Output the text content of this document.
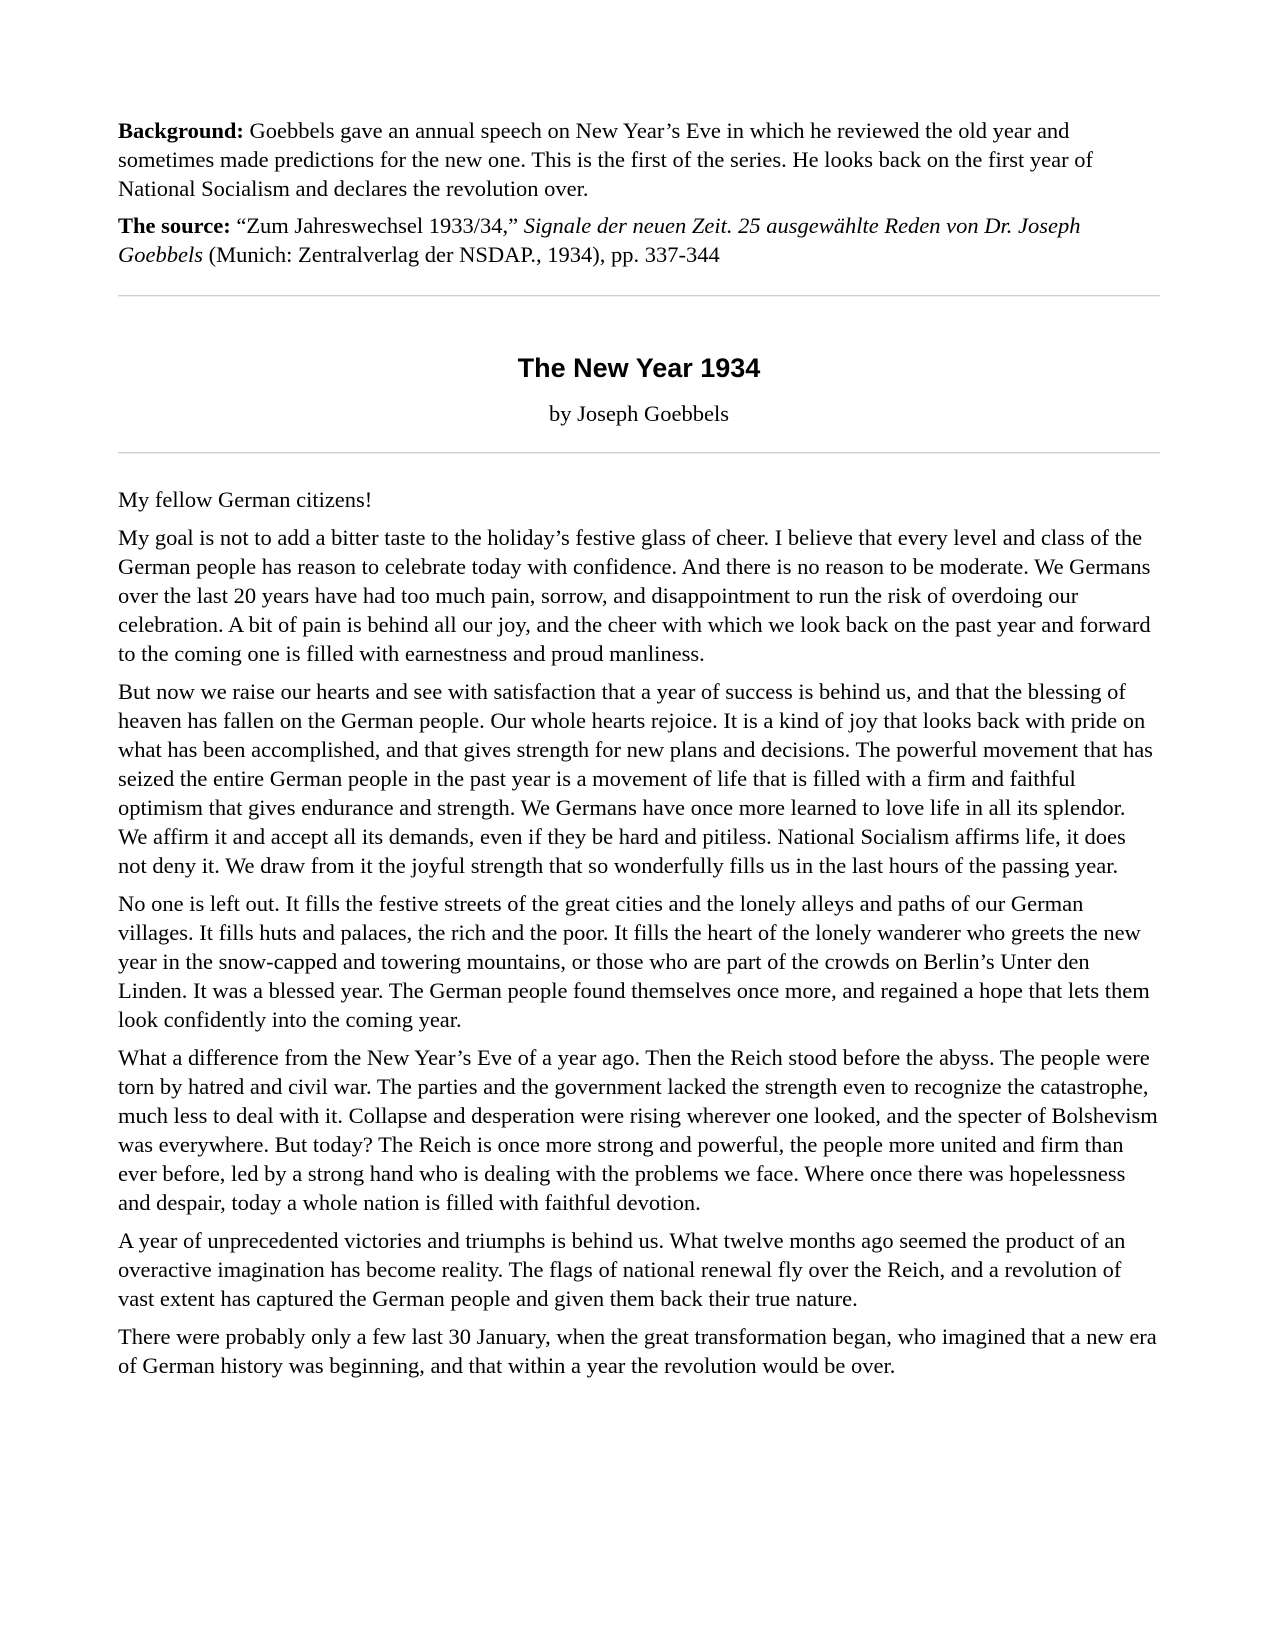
Background: Goebbels gave an annual speech on New Year’s Eve in which he reviewed the old year and sometimes made predictions for the new one. This is the first of the series. He looks back on the first year of National Socialism and declares the revolution over.

The source: “Zum Jahreswechsel 1933/34,” Signale der neuen Zeit. 25 ausgewählte Reden von Dr. Joseph Goebbels (Munich: Zentralverlag der NSDAP., 1934), pp. 337-344

The New Year 1934
by Joseph Goebbels

My fellow German citizens!

My goal is not to add a bitter taste to the holiday’s festive glass of cheer. I believe that every level and class of the German people has reason to celebrate today with confidence. And there is no reason to be moderate. We Germans over the last 20 years have had too much pain, sorrow, and disappointment to run the risk of overdoing our celebration. A bit of pain is behind all our joy, and the cheer with which we look back on the past year and forward to the coming one is filled with earnestness and proud manliness.

But now we raise our hearts and see with satisfaction that a year of success is behind us, and that the blessing of heaven has fallen on the German people. Our whole hearts rejoice. It is a kind of joy that looks back with pride on what has been accomplished, and that gives strength for new plans and decisions. The powerful movement that has seized the entire German people in the past year is a movement of life that is filled with a firm and faithful optimism that gives endurance and strength. We Germans have once more learned to love life in all its splendor. We affirm it and accept all its demands, even if they be hard and pitiless. National Socialism affirms life, it does not deny it. We draw from it the joyful strength that so wonderfully fills us in the last hours of the passing year.

No one is left out. It fills the festive streets of the great cities and the lonely alleys and paths of our German villages. It fills huts and palaces, the rich and the poor. It fills the heart of the lonely wanderer who greets the new year in the snow-capped and towering mountains, or those who are part of the crowds on Berlin’s Unter den Linden. It was a blessed year. The German people found themselves once more, and regained a hope that lets them look confidently into the coming year.

What a difference from the New Year’s Eve of a year ago. Then the Reich stood before the abyss. The people were torn by hatred and civil war. The parties and the government lacked the strength even to recognize the catastrophe, much less to deal with it. Collapse and desperation were rising wherever one looked, and the specter of Bolshevism was everywhere. But today? The Reich is once more strong and powerful, the people more united and firm than ever before, led by a strong hand who is dealing with the problems we face. Where once there was hopelessness and despair, today a whole nation is filled with faithful devotion.

A year of unprecedented victories and triumphs is behind us. What twelve months ago seemed the product of an overactive imagination has become reality. The flags of national renewal fly over the Reich, and a revolution of vast extent has captured the German people and given them back their true nature.

There were probably only a few last 30 January, when the great transformation began, who imagined that a new era of German history was beginning, and that within a year the revolution would be over.
